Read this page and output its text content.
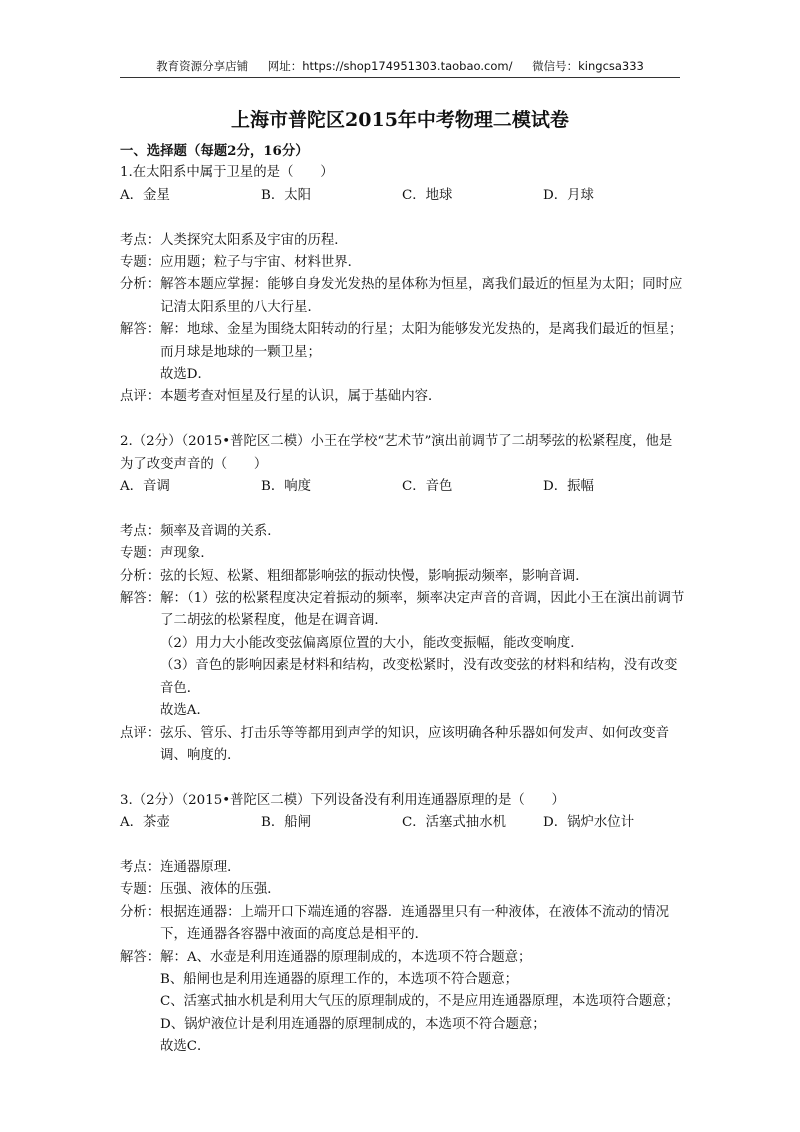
教育资源分享店铺 网址：https://shop174951303.taobao.com/ 微信号：kingcsa333
上海市普陀区2015年中考物理二模试卷

一、选择题（每题2分，16分）

1.在太阳系中属于卫星的是（　　）

A．金星	B．太阳	C．地球	D．月球
考点： 人类探究太阳系及宇宙的历程．
专题： 应用题；粒子与宇宙、材料世界．
分析： 解答本题应掌握：能够自身发光发热的星体称为恒星，离我们最近的恒星为太阳；同时应记清太阳系里的八大行星．
解答： 解：地球、金星为围绕太阳转动的行星；太阳为能够发光发热的，是离我们最近的恒星；而月球是地球的一颗卫星；

故选D．

点评： 本题考查对恒星及行星的认识，属于基础内容．

2.（2分）（2015•普陀区二模）小王在学校“艺术节”演出前调节了二胡琴弦的松紧程度，他是为了改变声音的（　　）

A．音调	B．响度	C．音色	D．振幅
考点： 频率及音调的关系．
专题： 声现象．
分析： 弦的长短、松紧、粗细都影响弦的振动快慢，影响振动频率，影响音调．
解答： 解：（1）弦的松紧程度决定着振动的频率，频率决定声音的音调，因此小王在演出前调节了二胡弦的松紧程度，他是在调音调．

（2）用力大小能改变弦偏离原位置的大小，能改变振幅，能改变响度．

（3）音色的影响因素是材料和结构，改变松紧时，没有改变弦的材料和结构，没有改变音色．

故选A．

点评： 弦乐、管乐、打击乐等等都用到声学的知识，应该明确各种乐器如何发声、如何改变音调、响度的．

3.（2分）（2015•普陀区二模）下列设备没有利用连通器原理的是（　　）

A．茶壶	B．船闸	C．活塞式抽水机	D．锅炉水位计
考点： 连通器原理．
专题： 压强、液体的压强．
分析： 根据连通器：上端开口下端连通的容器．连通器里只有一种液体，在液体不流动的情况下，连通器各容器中液面的高度总是相平的．
解答： 解：A、水壶是利用连通器的原理制成的，本选项不符合题意；

B、船闸也是利用连通器的原理工作的，本选项不符合题意；

C、活塞式抽水机是利用大气压的原理制成的，不是应用连通器原理，本选项符合题意；

D、锅炉液位计是利用连通器的原理制成的，本选项不符合题意；

故选C．
